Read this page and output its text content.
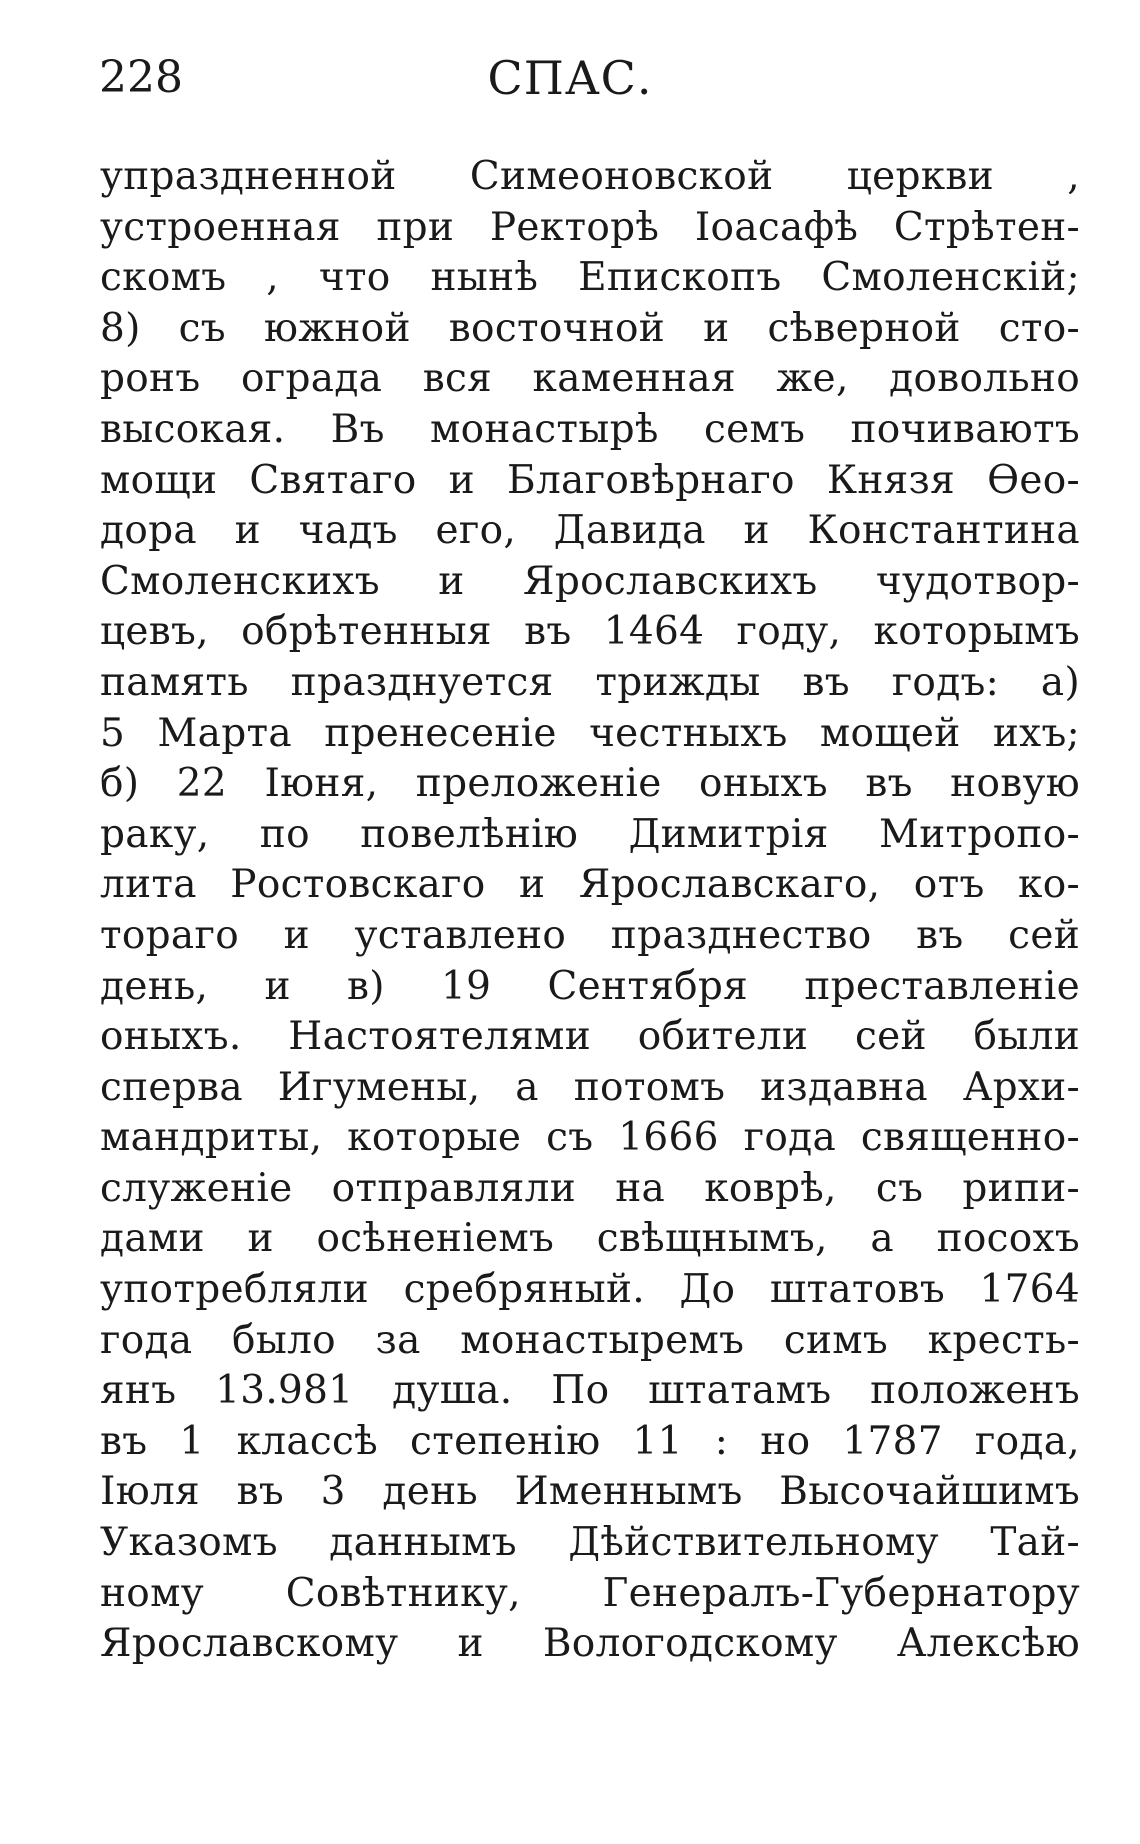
228	СПАС.
упраздненной Симеоновской церкви ,
устроенная при Ректорѣ Іоасафѣ Стрѣтен-
скомъ , что нынѣ Епископъ Смоленскій;
8) съ южной восточной и сѣверной сто-
ронъ ограда вся каменная же, довольно
высокая. Въ монастырѣ семъ почиваютъ
мощи Святаго и Благовѣрнаго Князя Ѳео-
дора и чадъ его, Давида и Константина
Смоленскихъ и Ярославскихъ чудотвор-
цевъ, обрѣтенныя въ 1464 году, которымъ
память празднуется трижды въ годъ: а)
5 Марта пренесеніе честныхъ мощей ихъ;
б) 22 Іюня, преложеніе оныхъ въ новую
раку, по повелѣнію Димитрія Митропо-
лита Ростовскаго и Ярославскаго, отъ ко-
тораго и уставлено празднество въ сей
день, и в) 19 Сентября преставленіе
оныхъ. Настоятелями обители сей были
сперва Игумены, а потомъ издавна Архи-
мандриты, которые съ 1666 года священно-
служеніе отправляли на коврѣ, съ рипи-
дами и осѣненіемъ свѣщнымъ, а посохъ
употребляли сребряный. До штатовъ 1764
года было за монастыремъ симъ кресть-
янъ 13.981 душа. По штатамъ положенъ
въ 1 классѣ степенію 11 : но 1787 года,
Іюля въ 3 день Именнымъ Высочайшимъ
Указомъ даннымъ Дѣйствительному Тай-
ному Совѣтнику, Генералъ-Губернатору
Ярославскому и Вологодскому Алексѣю
